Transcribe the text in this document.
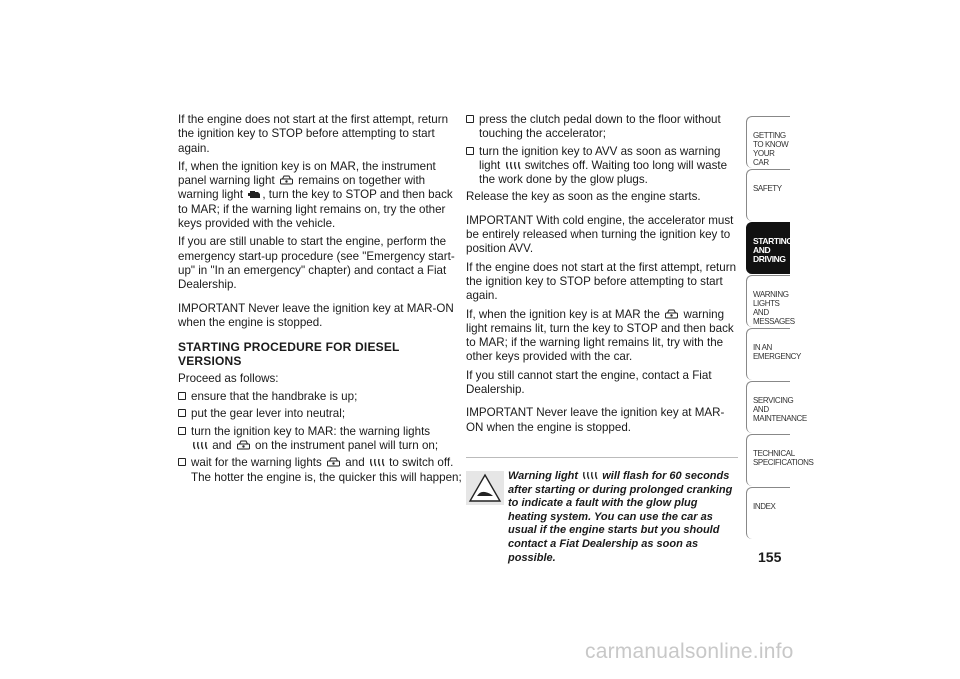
If the engine does not start at the first attempt, return the ignition key to STOP before attempting to start again.

If, when the ignition key is on MAR, the instrument panel warning light remains on together with warning light , turn the key to STOP and then back to MAR; if the warning light remains on, try the other keys provided with the vehicle.

If you are still unable to start the engine, perform the emergency start-up procedure (see "Emergency start-up" in "In an emergency" chapter) and contact a Fiat Dealership.

IMPORTANT Never leave the ignition key at MAR-ON when the engine is stopped.

STARTING PROCEDURE FOR DIESEL VERSIONS

Proceed as follows:

ensure that the handbrake is up;
put the gear lever into neutral;
turn the ignition key to MAR: the warning lights
and on the instrument panel will turn on;
wait for the warning lights and to switch off. The hotter the engine is, the quicker this will happen;
press the clutch pedal down to the floor without touching the accelerator;
turn the ignition key to AVV as soon as warning light switches off. Waiting too long will waste the work done by the glow plugs.

Release the key as soon as the engine starts.

IMPORTANT With cold engine, the accelerator must be entirely released when turning the ignition key to position AVV.

If the engine does not start at the first attempt, return the ignition key to STOP before attempting to start again.

If, when the ignition key is at MAR the warning light remains lit, turn the key to STOP and then back to MAR; if the warning light remains lit, try with the other keys provided with the car.

If you still cannot start the engine, contact a Fiat Dealership.

IMPORTANT Never leave the ignition key at MAR-ON when the engine is stopped.

Warning light will flash for 60 seconds after starting or during prolonged cranking to indicate a fault with the glow plug heating system. You can use the car as usual if the engine starts but you should contact a Fiat Dealership as soon as possible.
GETTING TO KNOW YOUR CAR
SAFETY
STARTING AND DRIVING
WARNING LIGHTS AND MESSAGES
IN AN EMERGENCY
SERVICING AND MAINTENANCE
TECHNICAL SPECIFICATIONS
INDEX
155
carmanualsonline.info
